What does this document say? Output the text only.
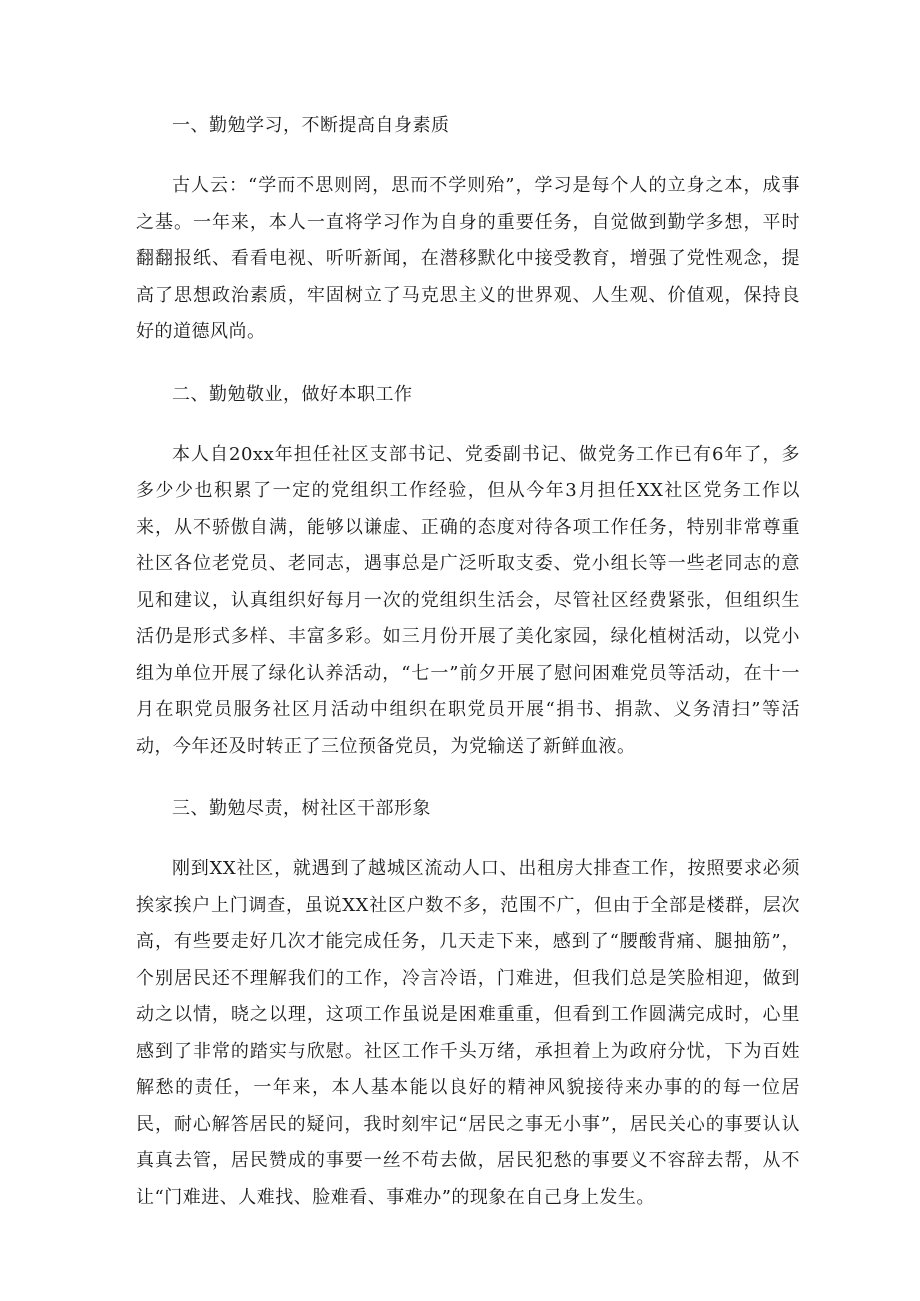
一、勤勉学习，不断提高自身素质

古人云：“学而不思则罔，思而不学则殆”，学习是每个人的立身之本，成事之基。一年来，本人一直将学习作为自身的重要任务，自觉做到勤学多想，平时翻翻报纸、看看电视、听听新闻，在潜移默化中接受教育，增强了党性观念，提高了思想政治素质，牢固树立了马克思主义的世界观、人生观、价值观，保持良好的道德风尚。

二、勤勉敬业，做好本职工作

本人自20xx年担任社区支部书记、党委副书记、做党务工作已有6年了，多多少少也积累了一定的党组织工作经验，但从今年3月担任XX社区党务工作以来，从不骄傲自满，能够以谦虚、正确的态度对待各项工作任务，特别非常尊重社区各位老党员、老同志，遇事总是广泛听取支委、党小组长等一些老同志的意见和建议，认真组织好每月一次的党组织生活会，尽管社区经费紧张，但组织生活仍是形式多样、丰富多彩。如三月份开展了美化家园，绿化植树活动，以党小组为单位开展了绿化认养活动，“七一”前夕开展了慰问困难党员等活动，在十一月在职党员服务社区月活动中组织在职党员开展“捐书、捐款、义务清扫”等活动，今年还及时转正了三位预备党员，为党输送了新鲜血液。

三、勤勉尽责，树社区干部形象

刚到XX社区，就遇到了越城区流动人口、出租房大排查工作，按照要求必须挨家挨户上门调查，虽说XX社区户数不多，范围不广，但由于全部是楼群，层次高，有些要走好几次才能完成任务，几天走下来，感到了“腰酸背痛、腿抽筋”，个别居民还不理解我们的工作，冷言冷语，门难进，但我们总是笑脸相迎，做到动之以情，晓之以理，这项工作虽说是困难重重，但看到工作圆满完成时，心里感到了非常的踏实与欣慰。社区工作千头万绪，承担着上为政府分忧，下为百姓解愁的责任，一年来，本人基本能以良好的精神风貌接待来办事的的每一位居民，耐心解答居民的疑问，我时刻牢记“居民之事无小事”，居民关心的事要认认真真去管，居民赞成的事要一丝不苟去做，居民犯愁的事要义不容辞去帮，从不让“门难进、人难找、脸难看、事难办”的现象在自己身上发生。
